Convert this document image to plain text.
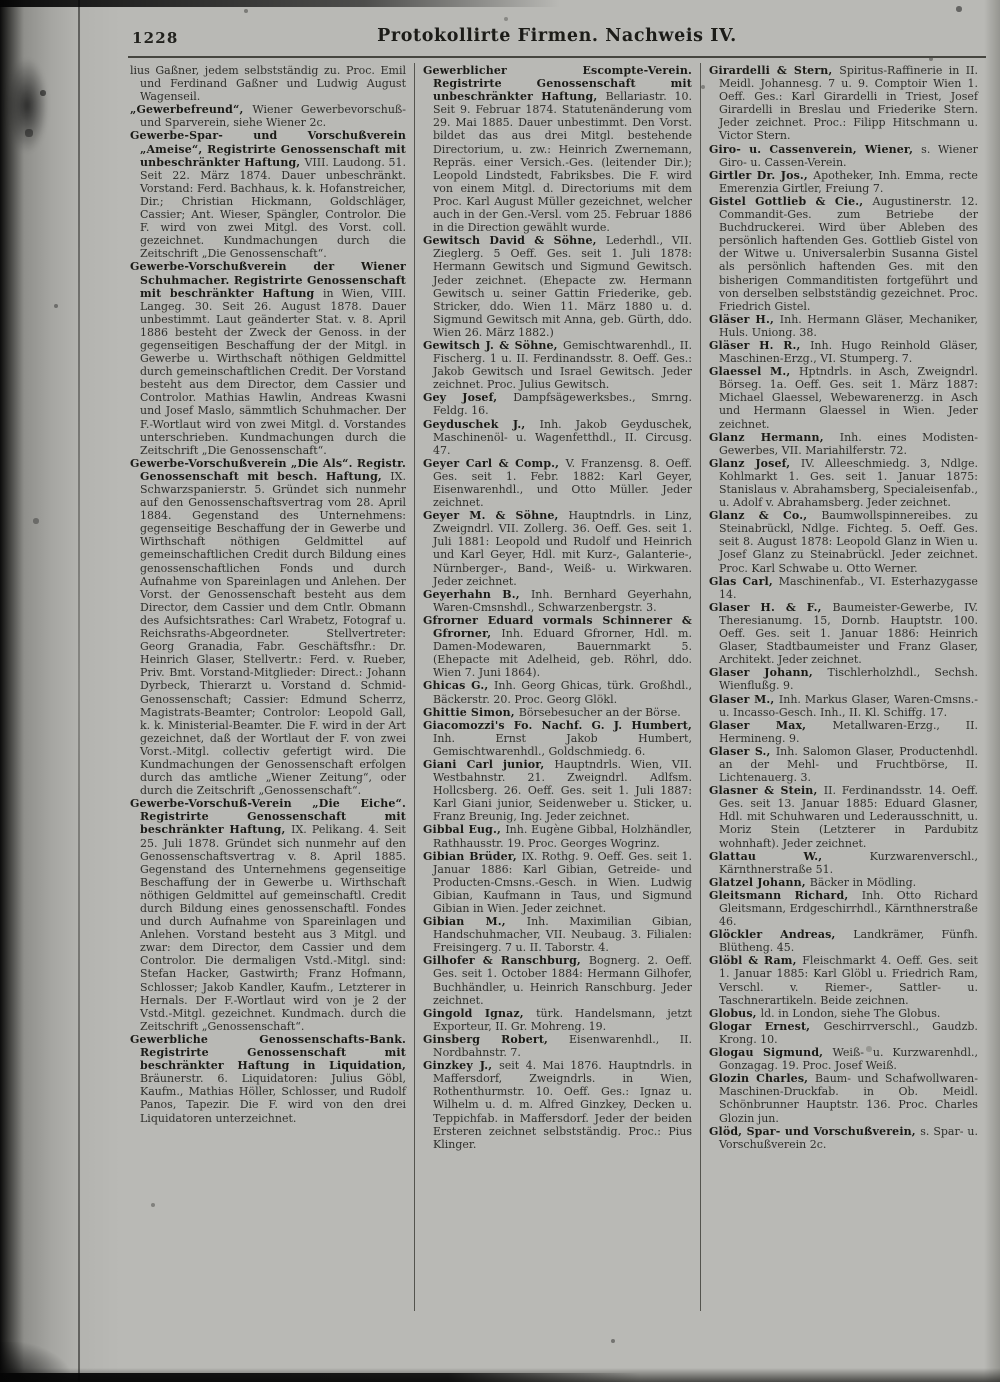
1228	Protokollirte Firmen. Nachweis IV.
lius Gaßner, jedem selbstständig zu. Proc. Emil und Ferdinand Gaßner und Ludwig August Wagenseil.
„Gewerbefreund“, Wiener Gewerbevorschuß- und Sparverein, siehe Wiener 2c.
Gewerbe-Spar- und Vorschußverein „Ameise“, Registrirte Genossenschaft mit unbeschränkter Haftung, VIII. Laudong. 51. Seit 22. März 1874. Dauer unbeschränkt. Vorstand: Ferd. Bachhaus, k. k. Hofanstreicher, Dir.; Christian Hickmann, Goldschläger, Cassier; Ant. Wieser, Spängler, Controlor. Die F. wird von zwei Mitgl. des Vorst. coll. gezeichnet. Kundmachungen durch die Zeitschrift „Die Genossenschaft“.
Gewerbe-Vorschußverein der Wiener Schuhmacher. Registrirte Genossenschaft mit beschränkter Haftung in Wien, VIII. Langeg. 30. Seit 26. August 1878. Dauer unbestimmt. Laut geänderter Stat. v. 8. April 1886 besteht der Zweck der Genoss. in der gegenseitigen Beschaffung der der Mitgl. in Gewerbe u. Wirthschaft nöthigen Geldmittel durch gemeinschaftlichen Credit. Der Vorstand besteht aus dem Director, dem Cassier und Controlor. Mathias Hawlin, Andreas Kwasni und Josef Maslo, sämmtlich Schuhmacher. Der F.-Wortlaut wird von zwei Mitgl. d. Vorstandes unterschrieben. Kundmachungen durch die Zeitschrift „Die Genossenschaft“.
Gewerbe-Vorschußverein „Die Als“. Registr. Genossenschaft mit besch. Haftung, IX. Schwarzspanierstr. 5. Gründet sich nunmehr auf den Genossenschaftsvertrag vom 28. April 1884. Gegenstand des Unternehmens: gegenseitige Beschaffung der in Gewerbe und Wirthschaft nöthigen Geldmittel auf gemeinschaftlichen Credit durch Bildung eines genossenschaftlichen Fonds und durch Aufnahme von Spareinlagen und Anlehen. Der Vorst. der Genossenschaft besteht aus dem Director, dem Cassier und dem Cntlr. Obmann des Aufsichtsrathes: Carl Wrabetz, Fotograf u. Reichsraths-Abgeordneter. Stellvertreter: Georg Granadia, Fabr. Geschäftsfhr.: Dr. Heinrich Glaser, Stellvertr.: Ferd. v. Rueber, Priv. Bmt. Vorstand-Mitglieder: Direct.: Johann Dyrbeck, Thierarzt u. Vorstand d. Schmid-Genossenschaft; Cassier: Edmund Scherrz, Magistrats-Beamter; Controlor: Leopold Gall, k. k. Ministerial-Beamter. Die F. wird in der Art gezeichnet, daß der Wortlaut der F. von zwei Vorst.-Mitgl. collectiv gefertigt wird. Die Kundmachungen der Genossenschaft erfolgen durch das amtliche „Wiener Zeitung“, oder durch die Zeitschrift „Genossenschaft“.
Gewerbe-Vorschuß-Verein „Die Eiche“. Registrirte Genossenschaft mit beschränkter Haftung, IX. Pelikang. 4. Seit 25. Juli 1878. Gründet sich nunmehr auf den Genossenschaftsvertrag v. 8. April 1885. Gegenstand des Unternehmens gegenseitige Beschaffung der in Gewerbe u. Wirthschaft nöthigen Geldmittel auf gemeinschaftl. Credit durch Bildung eines genossenschaftl. Fondes und durch Aufnahme von Spareinlagen und Anlehen. Vorstand besteht aus 3 Mitgl. und zwar: dem Director, dem Cassier und dem Controlor. Die dermaligen Vstd.-Mitgl. sind: Stefan Hacker, Gastwirth; Franz Hofmann, Schlosser; Jakob Kandler, Kaufm., Letzterer in Hernals. Der F.-Wortlaut wird von je 2 der Vstd.-Mitgl. gezeichnet. Kundmach. durch die Zeitschrift „Genossenschaft“.
Gewerbliche Genossenschafts-Bank. Registrirte Genossenschaft mit beschränkter Haftung in Liquidation, Bräunerstr. 6. Liquidatoren: Julius Göbl, Kaufm., Mathias Höller, Schlosser, und Rudolf Panos, Tapezir. Die F. wird von den drei Liquidatoren unterzeichnet.
Gewerblicher Escompte-Verein. Registrirte Genossenschaft mit unbeschränkter Haftung, Bellariastr. 10. Seit 9. Februar 1874. Statutenänderung vom 29. Mai 1885. Dauer unbestimmt. Den Vorst. bildet das aus drei Mitgl. bestehende Directorium, u. zw.: Heinrich Zwernemann, Repräs. einer Versich.-Ges. (leitender Dir.); Leopold Lindstedt, Fabriksbes. Die F. wird von einem Mitgl. d. Directoriums mit dem Proc. Karl August Müller gezeichnet, welcher auch in der Gen.-Versl. vom 25. Februar 1886 in die Direction gewählt wurde.
Gewitsch David & Söhne, Lederhdl., VII. Zieglerg. 5 Oeff. Ges. seit 1. Juli 1878: Hermann Gewitsch und Sigmund Gewitsch. Jeder zeichnet. (Ehepacte zw. Hermann Gewitsch u. seiner Gattin Friederike, geb. Stricker, ddo. Wien 11. März 1880 u. d. Sigmund Gewitsch mit Anna, geb. Gürth, ddo. Wien 26. März 1882.)
Gewitsch J. & Söhne, Gemischtwarenhdl., II. Fischerg. 1 u. II. Ferdinandsstr. 8. Oeff. Ges.: Jakob Gewitsch und Israel Gewitsch. Jeder zeichnet. Proc. Julius Gewitsch.
Gey Josef, Dampfsägewerksbes., Smrng. Feldg. 16.
Geyduschek J., Inh. Jakob Geyduschek, Maschinenöl- u. Wagenfetthdl., II. Circusg. 47.
Geyer Carl & Comp., V. Franzensg. 8. Oeff. Ges. seit 1. Febr. 1882: Karl Geyer, Eisenwarenhdl., und Otto Müller. Jeder zeichnet.
Geyer M. & Söhne, Hauptndrls. in Linz, Zweigndrl. VII. Zollerg. 36. Oeff. Ges. seit 1. Juli 1881: Leopold und Rudolf und Heinrich und Karl Geyer, Hdl. mit Kurz-, Galanterie-, Nürnberger-, Band-, Weiß- u. Wirkwaren. Jeder zeichnet.
Geyerhahn B., Inh. Bernhard Geyerhahn, Waren-Cmsnshdl., Schwarzenbergstr. 3.
Gfrorner Eduard vormals Schinnerer & Gfrorner, Inh. Eduard Gfrorner, Hdl. m. Damen-Modewaren, Bauernmarkt 5. (Ehepacte mit Adelheid, geb. Röhrl, ddo. Wien 7. Juni 1864).
Ghicas G., Inh. Georg Ghicas, türk. Großhdl., Bäckerstr. 20. Proc. Georg Glökl.
Ghittie Simon, Börsebesucher an der Börse.
Giacomozzi's Fo. Nachf. G. J. Humbert, Inh. Ernst Jakob Humbert, Gemischtwarenhdl., Goldschmiedg. 6.
Giani Carl junior, Hauptndrls. Wien, VII. Westbahnstr. 21. Zweigndrl. Adlfsm. Hollcsberg. 26. Oeff. Ges. seit 1. Juli 1887: Karl Giani junior, Seidenweber u. Sticker, u. Franz Breunig, Ing. Jeder zeichnet.
Gibbal Eug., Inh. Eugène Gibbal, Holzhändler, Rathhausstr. 19. Proc. Georges Wogrinz.
Gibian Brüder, IX. Rothg. 9. Oeff. Ges. seit 1. Januar 1886: Karl Gibian, Getreide- und Producten-Cmsns.-Gesch. in Wien. Ludwig Gibian, Kaufmann in Taus, und Sigmund Gibian in Wien. Jeder zeichnet.
Gibian M., Inh. Maximilian Gibian, Handschuhmacher, VII. Neubaug. 3. Filialen: Freisingerg. 7 u. II. Taborstr. 4.
Gilhofer & Ranschburg, Bognerg. 2. Oeff. Ges. seit 1. October 1884: Hermann Gilhofer, Buchhändler, u. Heinrich Ranschburg. Jeder zeichnet.
Gingold Ignaz, türk. Handelsmann, jetzt Exporteur, II. Gr. Mohreng. 19.
Ginsberg Robert, Eisenwarenhdl., II. Nordbahnstr. 7.
Ginzkey J., seit 4. Mai 1876. Hauptndrls. in Maffersdorf, Zweigndrls. in Wien, Rothenthurmstr. 10. Oeff. Ges.: Ignaz u. Wilhelm u. d. m. Alfred Ginzkey, Decken u. Teppichfab. in Maffersdorf. Jeder der beiden Ersteren zeichnet selbstständig. Proc.: Pius Klinger.
Girardelli & Stern, Spiritus-Raffinerie in II. Meidl. Johannesg. 7 u. 9. Comptoir Wien 1. Oeff. Ges.: Karl Girardelli in Triest, Josef Girardelli in Breslau und Friederike Stern. Jeder zeichnet. Proc.: Filipp Hitschmann u. Victor Stern.
Giro- u. Cassenverein, Wiener, s. Wiener Giro- u. Cassen-Verein.
Girtler Dr. Jos., Apotheker, Inh. Emma, recte Emerenzia Girtler, Freiung 7.
Gistel Gottlieb & Cie., Augustinerstr. 12. Commandit-Ges. zum Betriebe der Buchdruckerei. Wird über Ableben des persönlich haftenden Ges. Gottlieb Gistel von der Witwe u. Universalerbin Susanna Gistel als persönlich haftenden Ges. mit den bisherigen Commanditisten fortgeführt und von derselben selbstständig gezeichnet. Proc. Friedrich Gistel.
Gläser H., Inh. Hermann Gläser, Mechaniker, Huls. Uniong. 38.
Gläser H. R., Inh. Hugo Reinhold Gläser, Maschinen-Erzg., VI. Stumperg. 7.
Glaessel M., Hptndrls. in Asch, Zweigndrl. Börseg. 1a. Oeff. Ges. seit 1. März 1887: Michael Glaessel, Webewarenerzg. in Asch und Hermann Glaessel in Wien. Jeder zeichnet.
Glanz Hermann, Inh. eines Modisten-Gewerbes, VII. Mariahilferstr. 72.
Glanz Josef, IV. Alleeschmiedg. 3, Ndlge. Kohlmarkt 1. Ges. seit 1. Januar 1875: Stanislaus v. Abrahamsberg, Specialeisenfab., u. Adolf v. Abrahamsberg. Jeder zeichnet.
Glanz & Co., Baumwollspinnereibes. zu Steinabrückl, Ndlge. Fichteg. 5. Oeff. Ges. seit 8. August 1878: Leopold Glanz in Wien u. Josef Glanz zu Steinabrückl. Jeder zeichnet. Proc. Karl Schwabe u. Otto Werner.
Glas Carl, Maschinenfab., VI. Esterhazygasse 14.
Glaser H. & F., Baumeister-Gewerbe, IV. Theresianumg. 15, Dornb. Hauptstr. 100. Oeff. Ges. seit 1. Januar 1886: Heinrich Glaser, Stadtbaumeister und Franz Glaser, Architekt. Jeder zeichnet.
Glaser Johann, Tischlerholzhdl., Sechsh. Wienflußg. 9.
Glaser M., Inh. Markus Glaser, Waren-Cmsns.- u. Incasso-Gesch. Inh., II. Kl. Schiffg. 17.
Glaser Max, Metallwaren-Erzg., II. Hermineng. 9.
Glaser S., Inh. Salomon Glaser, Productenhdl. an der Mehl- und Fruchtbörse, II. Lichtenauerg. 3.
Glasner & Stein, II. Ferdinandsstr. 14. Oeff. Ges. seit 13. Januar 1885: Eduard Glasner, Hdl. mit Schuhwaren und Lederausschnitt, u. Moriz Stein (Letzterer in Pardubitz wohnhaft). Jeder zeichnet.
Glattau W., Kurzwarenverschl., Kärnthnerstraße 51.
Glatzel Johann, Bäcker in Mödling.
Gleitsmann Richard, Inh. Otto Richard Gleitsmann, Erdgeschirrhdl., Kärnthnerstraße 46.
Glöckler Andreas, Landkrämer, Fünfh. Blütheng. 45.
Glöbl & Ram, Fleischmarkt 4. Oeff. Ges. seit 1. Januar 1885: Karl Glöbl u. Friedrich Ram, Verschl. v. Riemer-, Sattler- u. Taschnerartikeln. Beide zeichnen.
Globus, ld. in London, siehe The Globus.
Glogar Ernest, Geschirrverschl., Gaudzb. Krong. 10.
Glogau Sigmund, Weiß- u. Kurzwarenhdl., Gonzagag. 19. Proc. Josef Weiß.
Glozin Charles, Baum- und Schafwollwaren-Maschinen-Druckfab. in Ob. Meidl. Schönbrunner Hauptstr. 136. Proc. Charles Glozin jun.
Glöd, Spar- und Vorschußverein, s. Spar- u. Vorschußverein 2c.
